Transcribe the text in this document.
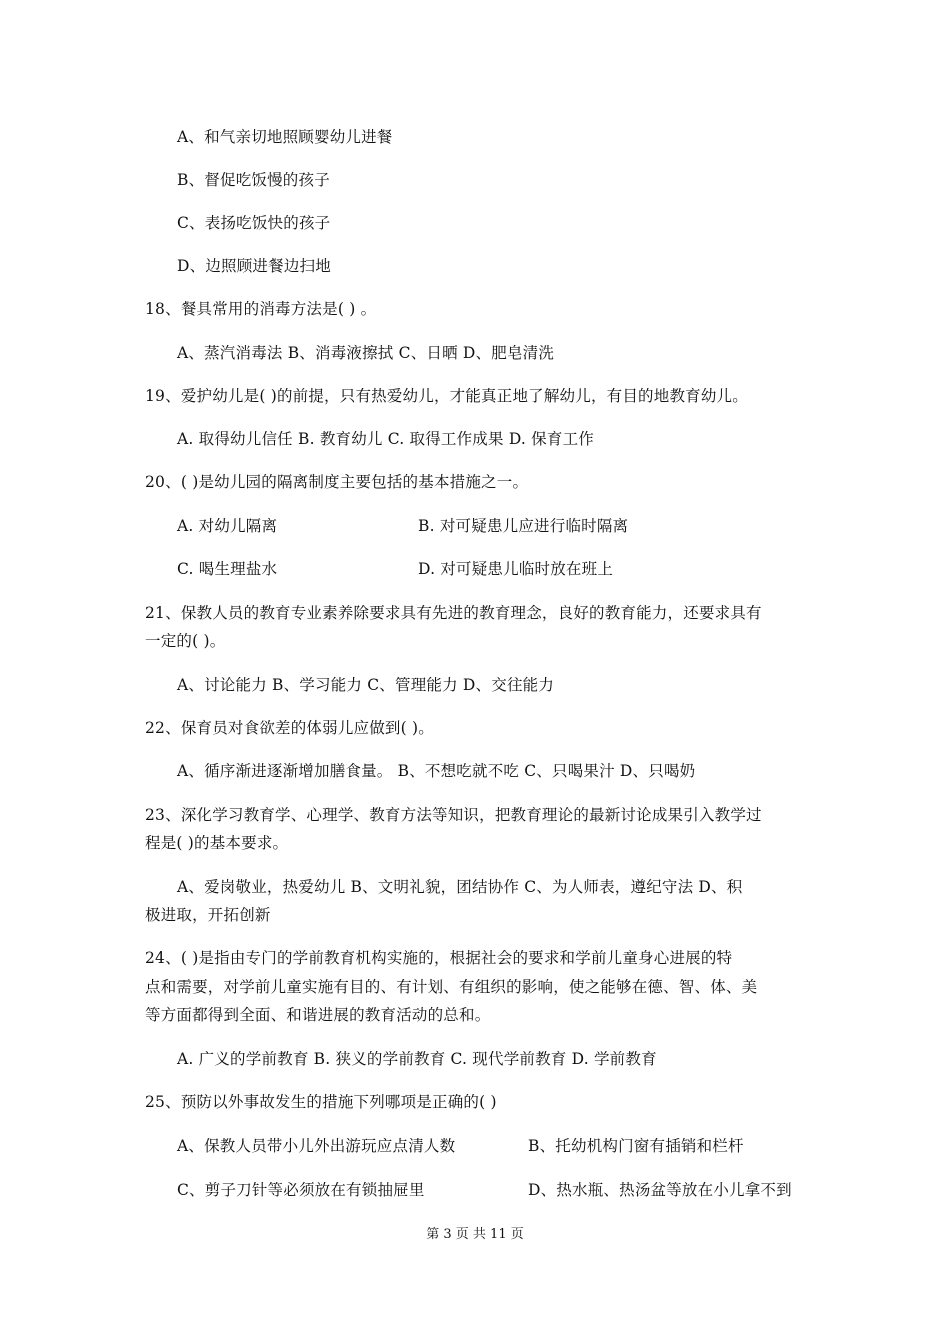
A、和气亲切地照顾婴幼儿进餐
B、督促吃饭慢的孩子
C、表扬吃饭快的孩子
D、边照顾进餐边扫地
18、餐具常用的消毒方法是( ) 。
A、蒸汽消毒法 B、消毒液擦拭 C、日晒 D、肥皂清洗
19、爱护幼儿是( )的前提，只有热爱幼儿，才能真正地了解幼儿，有目的地教育幼儿。
A. 取得幼儿信任 B. 教育幼儿 C. 取得工作成果 D. 保育工作
20、( )是幼儿园的隔离制度主要包括的基本措施之一。
A. 对幼儿隔离	B. 对可疑患儿应进行临时隔离
C. 喝生理盐水	D. 对可疑患儿临时放在班上
21、保教人员的教育专业素养除要求具有先进的教育理念，良好的教育能力，还要求具有
一定的( )。
A、讨论能力 B、学习能力 C、管理能力 D、交往能力
22、保育员对食欲差的体弱儿应做到( )。
A、循序渐进逐渐增加膳食量。 B、不想吃就不吃 C、只喝果汁 D、只喝奶
23、深化学习教育学、心理学、教育方法等知识，把教育理论的最新讨论成果引入教学过
程是( )的基本要求。
A、爱岗敬业，热爱幼儿 B、文明礼貌，团结协作 C、为人师表，遵纪守法 D、积
极进取，开拓创新
24、( )是指由专门的学前教育机构实施的，根据社会的要求和学前儿童身心进展的特
点和需要，对学前儿童实施有目的、有计划、有组织的影响，使之能够在德、智、体、美
等方面都得到全面、和谐进展的教育活动的总和。
A. 广义的学前教育 B. 狭义的学前教育 C. 现代学前教育 D. 学前教育
25、预防以外事故发生的措施下列哪项是正确的( )
A、保教人员带小儿外出游玩应点清人数	B、托幼机构门窗有插销和栏杆
C、剪子刀针等必须放在有锁抽屉里	D、热水瓶、热汤盆等放在小儿拿不到
第 3 页 共 11 页
